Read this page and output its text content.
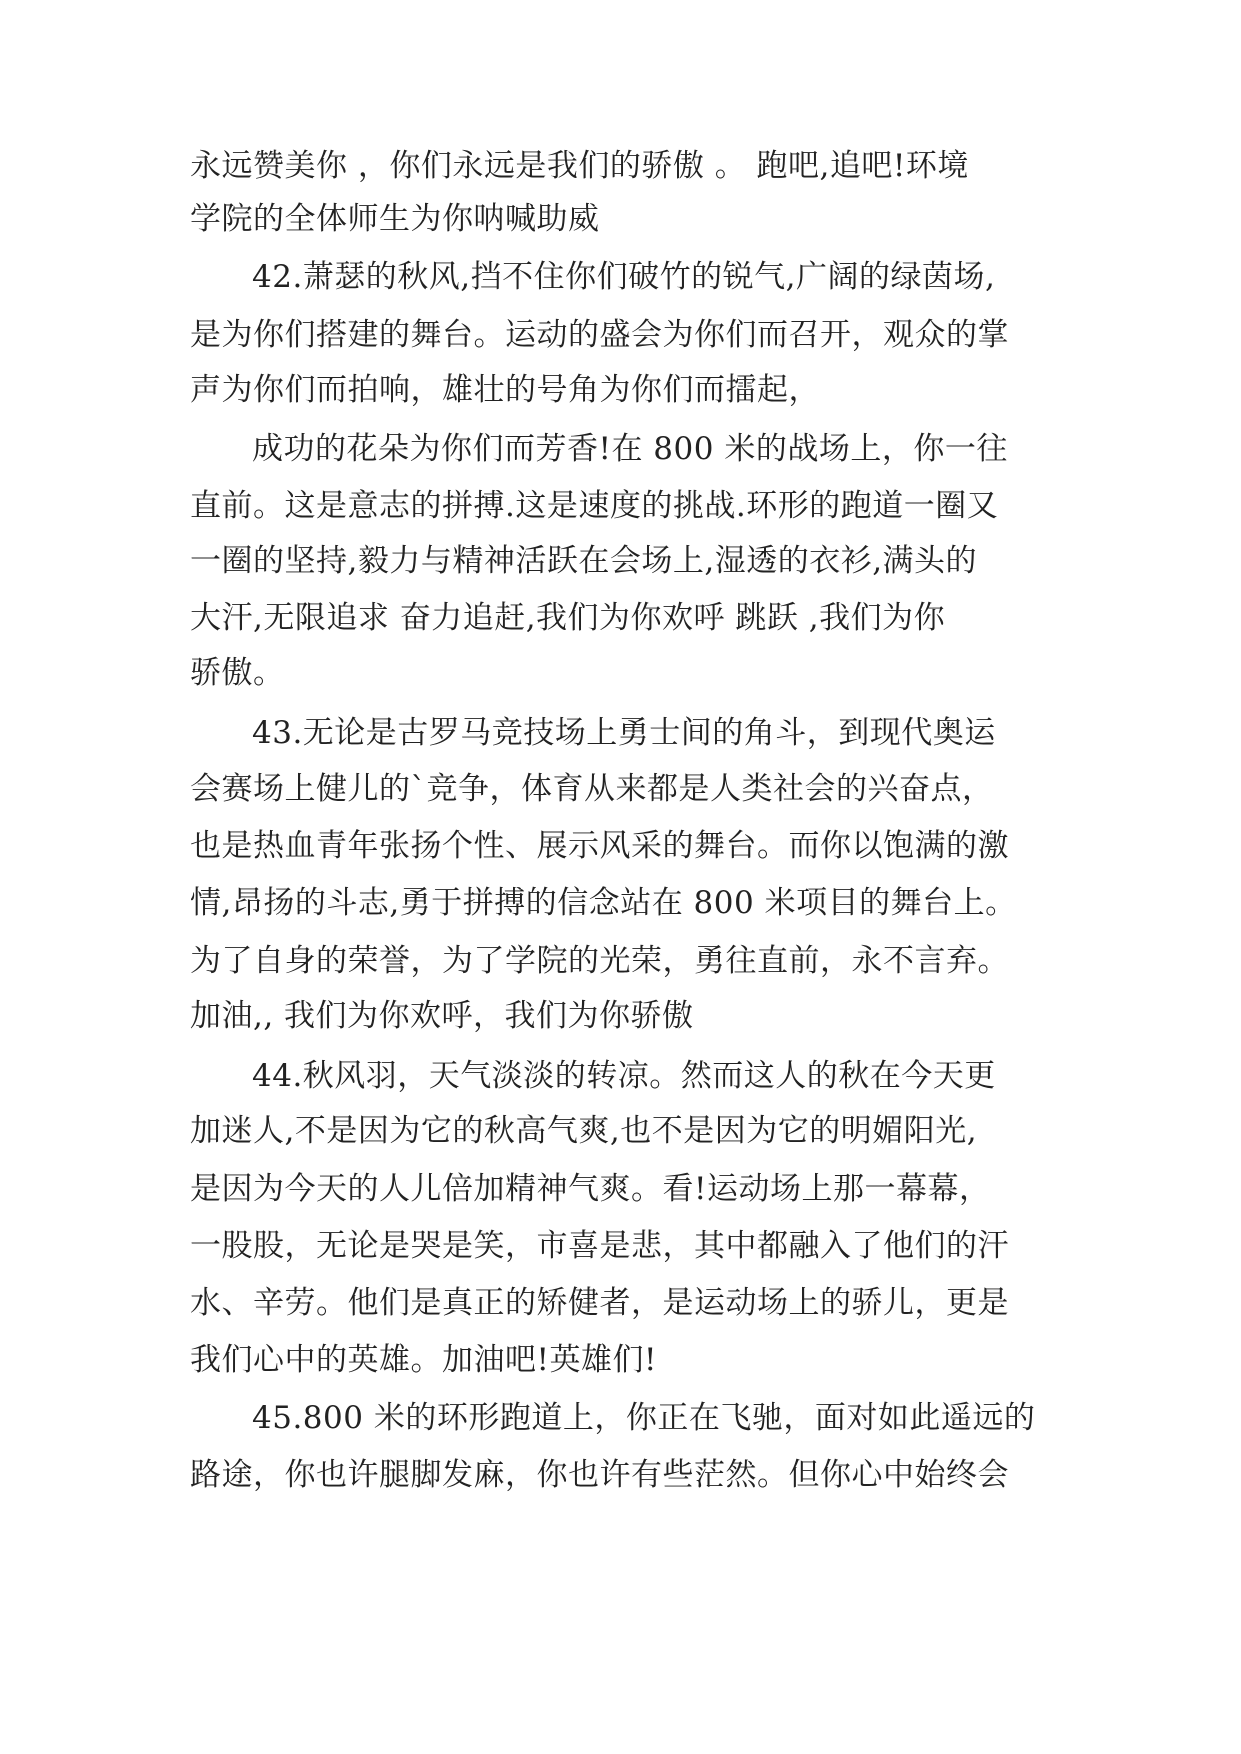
永远赞美你 ，你们永远是我们的骄傲 。 跑吧,追吧!环境
学院的全体师生为你呐喊助威
42.萧瑟的秋风,挡不住你们破竹的锐气,广阔的绿茵场,
是为你们搭建的舞台。运动的盛会为你们而召开，观众的掌
声为你们而拍响，雄壮的号角为你们而擂起，
成功的花朵为你们而芳香!在 800 米的战场上，你一往
直前。这是意志的拼搏.这是速度的挑战.环形的跑道一圈又
一圈的坚持,毅力与精神活跃在会场上,湿透的衣衫,满头的
大汗,无限追求 奋力追赶,我们为你欢呼 跳跃 ,我们为你
骄傲。
43.无论是古罗马竞技场上勇士间的角斗，到现代奥运
会赛场上健儿的`竞争，体育从来都是人类社会的兴奋点，
也是热血青年张扬个性、展示风采的舞台。而你以饱满的激
情,昂扬的斗志,勇于拼搏的信念站在 800 米项目的舞台上。
为了自身的荣誉，为了学院的光荣，勇往直前，永不言弃。
加油,, 我们为你欢呼，我们为你骄傲
44.秋风羽，天气淡淡的转凉。然而这人的秋在今天更
加迷人,不是因为它的秋高气爽,也不是因为它的明媚阳光,
是因为今天的人儿倍加精神气爽。看!运动场上那一幕幕，
一股股，无论是哭是笑，市喜是悲，其中都融入了他们的汗
水、辛劳。他们是真正的矫健者，是运动场上的骄儿，更是
我们心中的英雄。加油吧!英雄们!
45.800 米的环形跑道上，你正在飞驰，面对如此遥远的
路途，你也许腿脚发麻，你也许有些茫然。但你心中始终会
